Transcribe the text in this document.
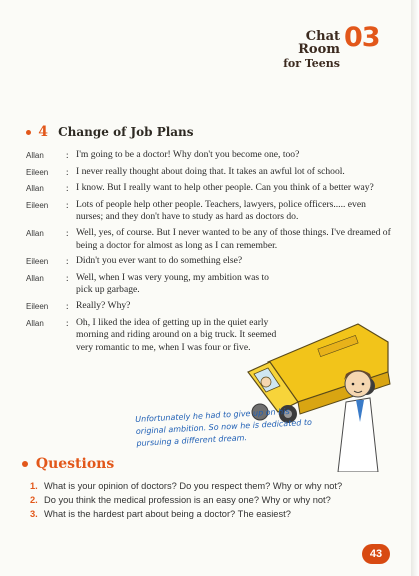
Chat Room
for Teens
03
4 Change of Job Plans
Allan	: I'm going to be a doctor! Why don't you become one, too?
Eileen	: I never really thought about doing that. It takes an awful lot of school.
Allan	: I know. But I really want to help other people. Can you think of a better way?
Eileen	: Lots of people help other people. Teachers, lawyers, police officers..... even nurses; and they don't have to study as hard as doctors do.
Allan	: Well, yes, of course. But I never wanted to be any of those things. I've dreamed of being a doctor for almost as long as I can remember.
Eileen	: Didn't you ever want to do something else?
Allan	: Well, when I was very young, my ambition was to pick up garbage.
Eileen	: Really? Why?
Allan	: Oh, I liked the idea of getting up in the quiet early morning and riding around on a big truck. It seemed very romantic to me, when I was four or five.
Unfortunately he had to give up on his original ambition. So now he is dedicated to pursuing a different dream.
Questions
1. What is your opinion of doctors? Do you respect them? Why or why not?
2. Do you think the medical profession is an easy one? Why or why not?
3. What is the hardest part about being a doctor? The easiest?
43
